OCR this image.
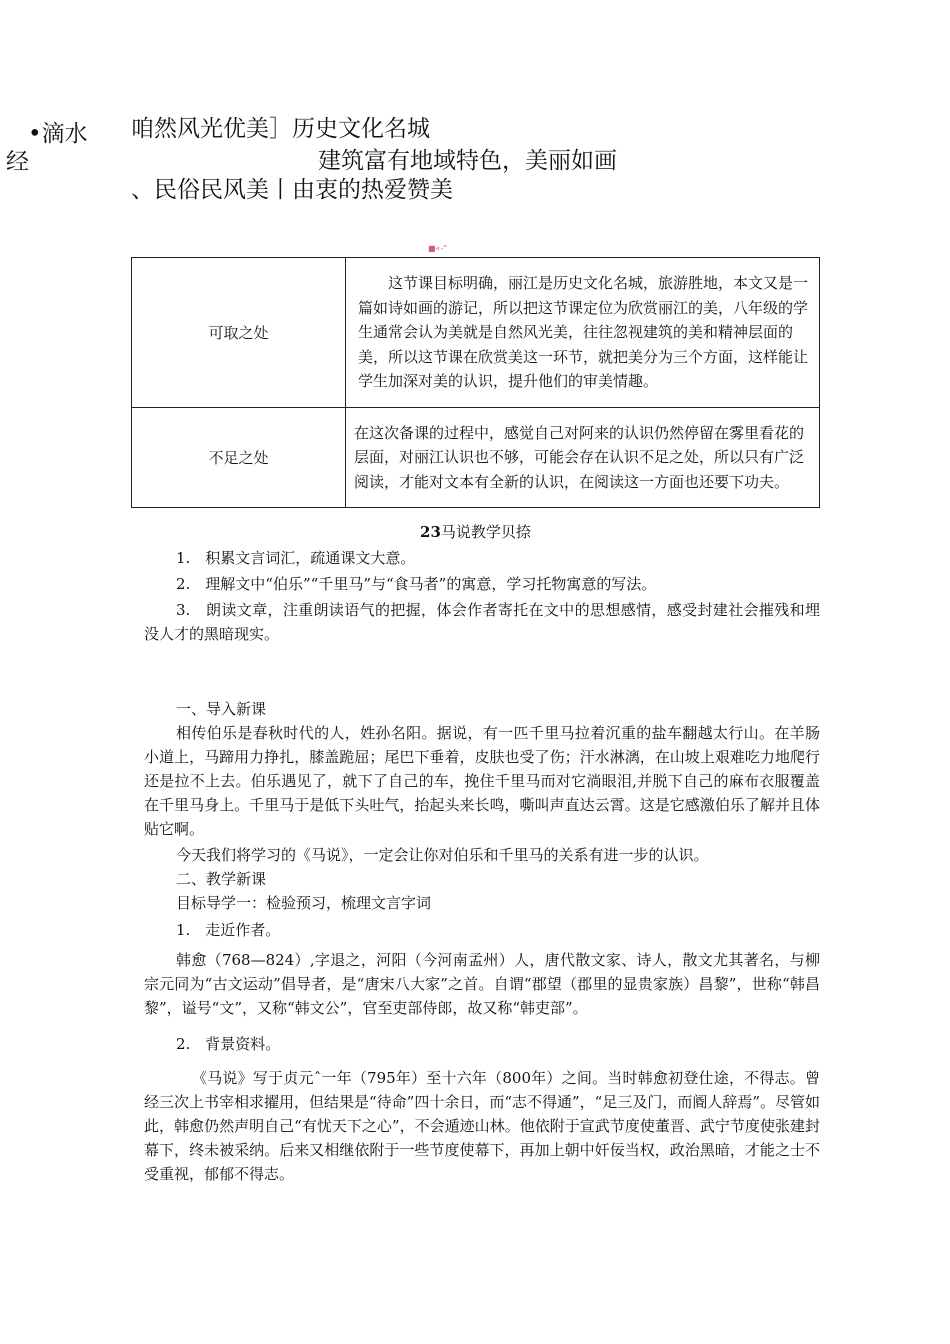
•滴水
经
咱然风光优美］历史文化名城
建筑富有地域特色，美丽如画
、民俗民风美丨由衷的热爱赞美
■«-”
可取之处	这节课目标明确，丽江是历史文化名城，旅游胜地，本文又是一篇如诗如画的游记，所以把这节课定位为欣赏丽江的美，八年级的学生通常会认为美就是自然风光美，往往忽视建筑的美和精神层面的美，所以这节课在欣赏美这一环节，就把美分为三个方面，这样能让学生加深对美的认识，提升他们的审美情趣。
不足之处	在这次备课的过程中，感觉自己对阿来的认识仍然停留在雾里看花的层面，对丽江认识也不够，可能会存在认识不足之处，所以只有广泛阅读，才能对文本有全新的认识，在阅读这一方面也还要下功夫。
23马说教学贝捺

1.　积累文言词汇，疏通课文大意。

2.　理解文中“伯乐”“千里马”与“食马者”的寓意，学习托物寓意的写法。

3.　朗读文章，注重朗读语气的把握，体会作者寄托在文中的思想感情，感受封建社会摧残和埋没人才的黑暗现实。

一、导入新课

相传伯乐是春秋时代的人，姓孙名阳。据说，有一匹千里马拉着沉重的盐车翻越太行山。在羊肠小道上，马蹄用力挣扎，膝盖跪屈；尾巴下垂着，皮肤也受了伤；汗水淋漓，在山坡上艰难吃力地爬行还是拉不上去。伯乐遇见了，就下了自己的车，挽住千里马而对它淌眼泪,并脱下自己的麻布衣服覆盖在千里马身上。千里马于是低下头吐气，抬起头来长鸣，嘶叫声直达云霄。这是它感激伯乐了解并且体贴它啊。

今天我们将学习的《马说》，一定会让你对伯乐和千里马的关系有进一步的认识。

二、教学新课

目标导学一：检验预习，梳理文言字词

1.　走近作者。

韩愈（768—824）,字退之，河阳（今河南孟州）人，唐代散文家、诗人，散文尤其著名，与柳宗元同为“古文运动”倡导者，是“唐宋八大家”之首。自谓“郡望（郡里的显贵家族）昌黎”，世称“韩昌黎”，谥号“文”，又称“韩文公”，官至吏部侍郎，故又称“韩吏部”。

2.　背景资料。

《马说》写于贞元ˆ一年（795年）至十六年（800年）之间。当时韩愈初登仕途，不得志。曾经三次上书宰相求擢用，但结果是“待命”四十余日，而“志不得通”，“足三及门，而阍人辞焉”。尽管如此，韩愈仍然声明自己“有忧天下之心”，不会遁迹山林。他依附于宣武节度使董晋、武宁节度使张建封幕下，终未被采纳。后来又相继依附于一些节度使幕下，再加上朝中奸佞当权，政治黑暗，才能之士不受重视，郁郁不得志。
